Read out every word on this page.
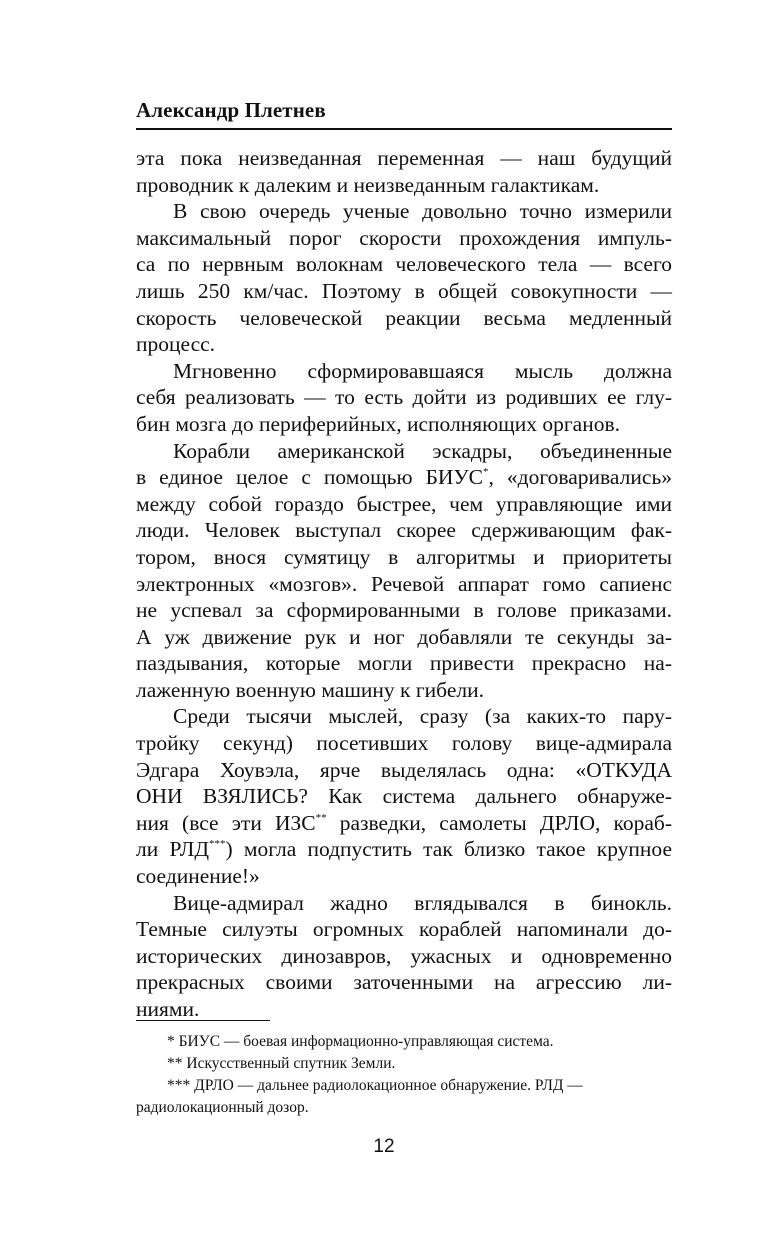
Александр Плетнев
эта пока неизведанная переменная — наш будущий
проводник к далеким и неизведанным галактикам.
В свою очередь ученые довольно точно измерили
максимальный порог скорости прохождения импуль-
са по нервным волокнам человеческого тела — всего
лишь 250 км/час. Поэтому в общей совокупности —
скорость человеческой реакции весьма медленный
процесс.
Мгновенно сформировавшаяся мысль должна
себя реализовать — то есть дойти из родивших ее глу-
бин мозга до периферийных, исполняющих органов.
Корабли американской эскадры, объединенные
в единое целое с помощью БИУС*, «договаривались»
между собой гораздо быстрее, чем управляющие ими
люди. Человек выступал скорее сдерживающим фак-
тором, внося сумятицу в алгоритмы и приоритеты
электронных «мозгов». Речевой аппарат гомо сапиенс
не успевал за сформированными в голове приказами.
А уж движение рук и ног добавляли те секунды за-
паздывания, которые могли привести прекрасно на-
лаженную военную машину к гибели.
Среди тысячи мыслей, сразу (за каких-то пару-
тройку секунд) посетивших голову вице-адмирала
Эдгара Хоувэла, ярче выделялась одна: «ОТКУДА
ОНИ ВЗЯЛИСЬ? Как система дальнего обнаруже-
ния (все эти ИЗС** разведки, самолеты ДРЛО, кораб-
ли РЛД***) могла подпустить так близко такое крупное
соединение!»
Вице-адмирал жадно вглядывался в бинокль.
Темные силуэты огромных кораблей напоминали до-
исторических динозавров, ужасных и одновременно
прекрасных своими заточенными на агрессию ли-
ниями.
* БИУС — боевая информационно-управляющая система.
** Искусственный спутник Земли.
*** ДРЛО — дальнее радиолокационное обнаружение. РЛД —
радиолокационный дозор.
12
